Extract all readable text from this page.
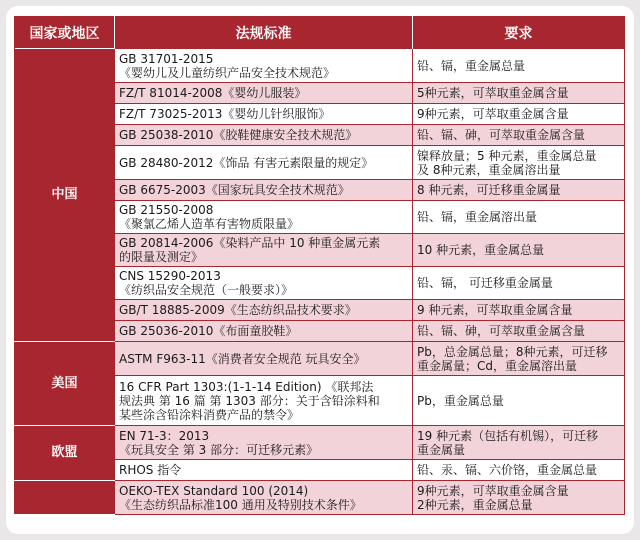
国家或地区	法规标准	要求
中国	GB 31701-2015
《婴幼儿及儿童纺织产品安全技术规范》	铅、镉，重金属总量

	FZ/T 81014-2008《婴幼儿服装》	5种元素，可萃取重金属含量

	FZ/T 73025-2013《婴幼儿针织服饰》	9种元素，可萃取重金属含量

	GB 25038-2010《胶鞋健康安全技术规范》	铅、镉、砷，可萃取重金属含量

	GB 28480-2012《饰品 有害元素限量的规定》	镍释放量；5 种元素，重金属总量
及 8种元素，重金属溶出量

	GB 6675-2003《国家玩具安全技术规范》	8 种元素，可迁移重金属量

	GB 21550-2008
《聚氯乙烯人造革有害物质限量》	铅、镉，重金属溶出量

	GB 20814-2006《染料产品中 10 种重金属元素
的限量及测定》	10 种元素，重金属总量

	CNS 15290-2013
《纺织品安全规范（一般要求）》	铅、镉， 可迁移重金属量

	GB/T 18885-2009《生态纺织品技术要求》	9 种元素，可萃取重金属含量

	GB 25036-2010《布面童胶鞋》	铅、镉、砷，可萃取重金属含量

美国	ASTM F963-11《消费者安全规范 玩具安全》	Pb，总金属总量；8种元素，可迁移
重金属量；Cd，重金属溶出量

	16 CFR Part 1303:(1-1-14 Edition) 《联邦法
规法典 第 16 篇 第 1303 部分：关于含铅涂料和
某些涂含铅涂料消费产品的禁令》	Pb，重金属总量

欧盟	EN 71-3：2013
《玩具安全 第 3 部分：可迁移元素》	19 种元素（包括有机锡），可迁移
重金属量

	RHOS 指令	铅、汞、镉、六价铬，重金属总量

	OEKO-TEX Standard 100 (2014)
《生态纺织品标准100 通用及特别技术条件》	9种元素，可萃取重金属含量
2种元素，重金属总量
